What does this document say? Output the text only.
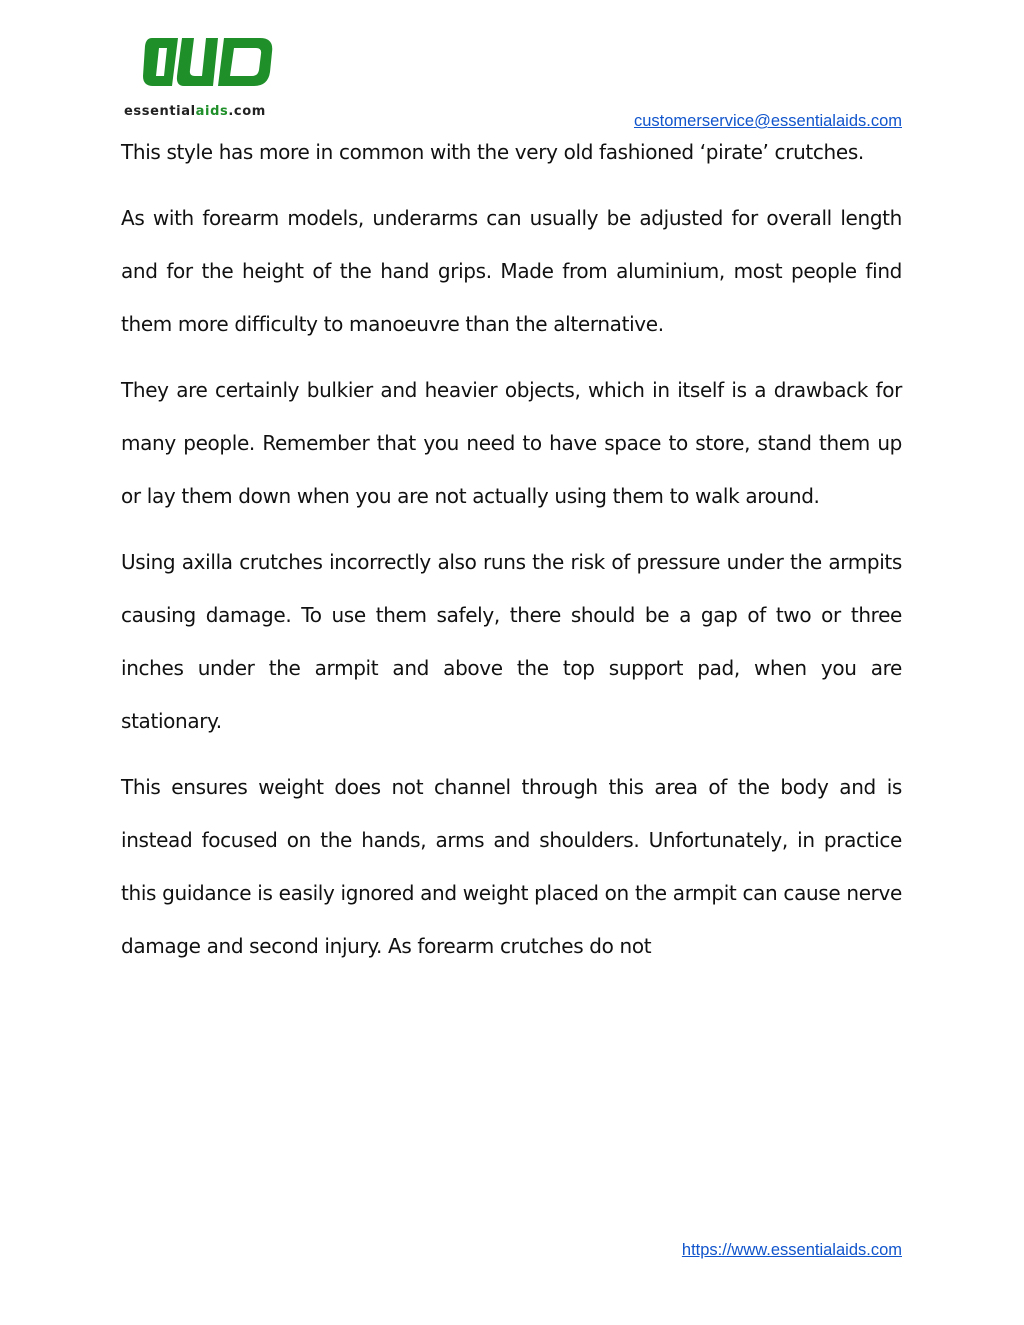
essentialaids.com
customerservice@essentialaids.com

This style has more in common with the very old fashioned ‘pirate’ crutches.

As with forearm models, underarms can usually be adjusted for overall length and for the height of the hand grips. Made from aluminium, most people find them more difficulty to manoeuvre than the alternative.

They are certainly bulkier and heavier objects, which in itself is a drawback for many people. Remember that you need to have space to store, stand them up or lay them down when you are not actually using them to walk around.

Using axilla crutches incorrectly also runs the risk of pressure under the armpits causing damage. To use them safely, there should be a gap of two or three inches under the armpit and above the top support pad, when you are stationary.

This ensures weight does not channel through this area of the body and is instead focused on the hands, arms and shoulders. Unfortunately, in practice this guidance is easily ignored and weight placed on the armpit can cause nerve damage and second injury. As forearm crutches do not

https://www.essentialaids.com
